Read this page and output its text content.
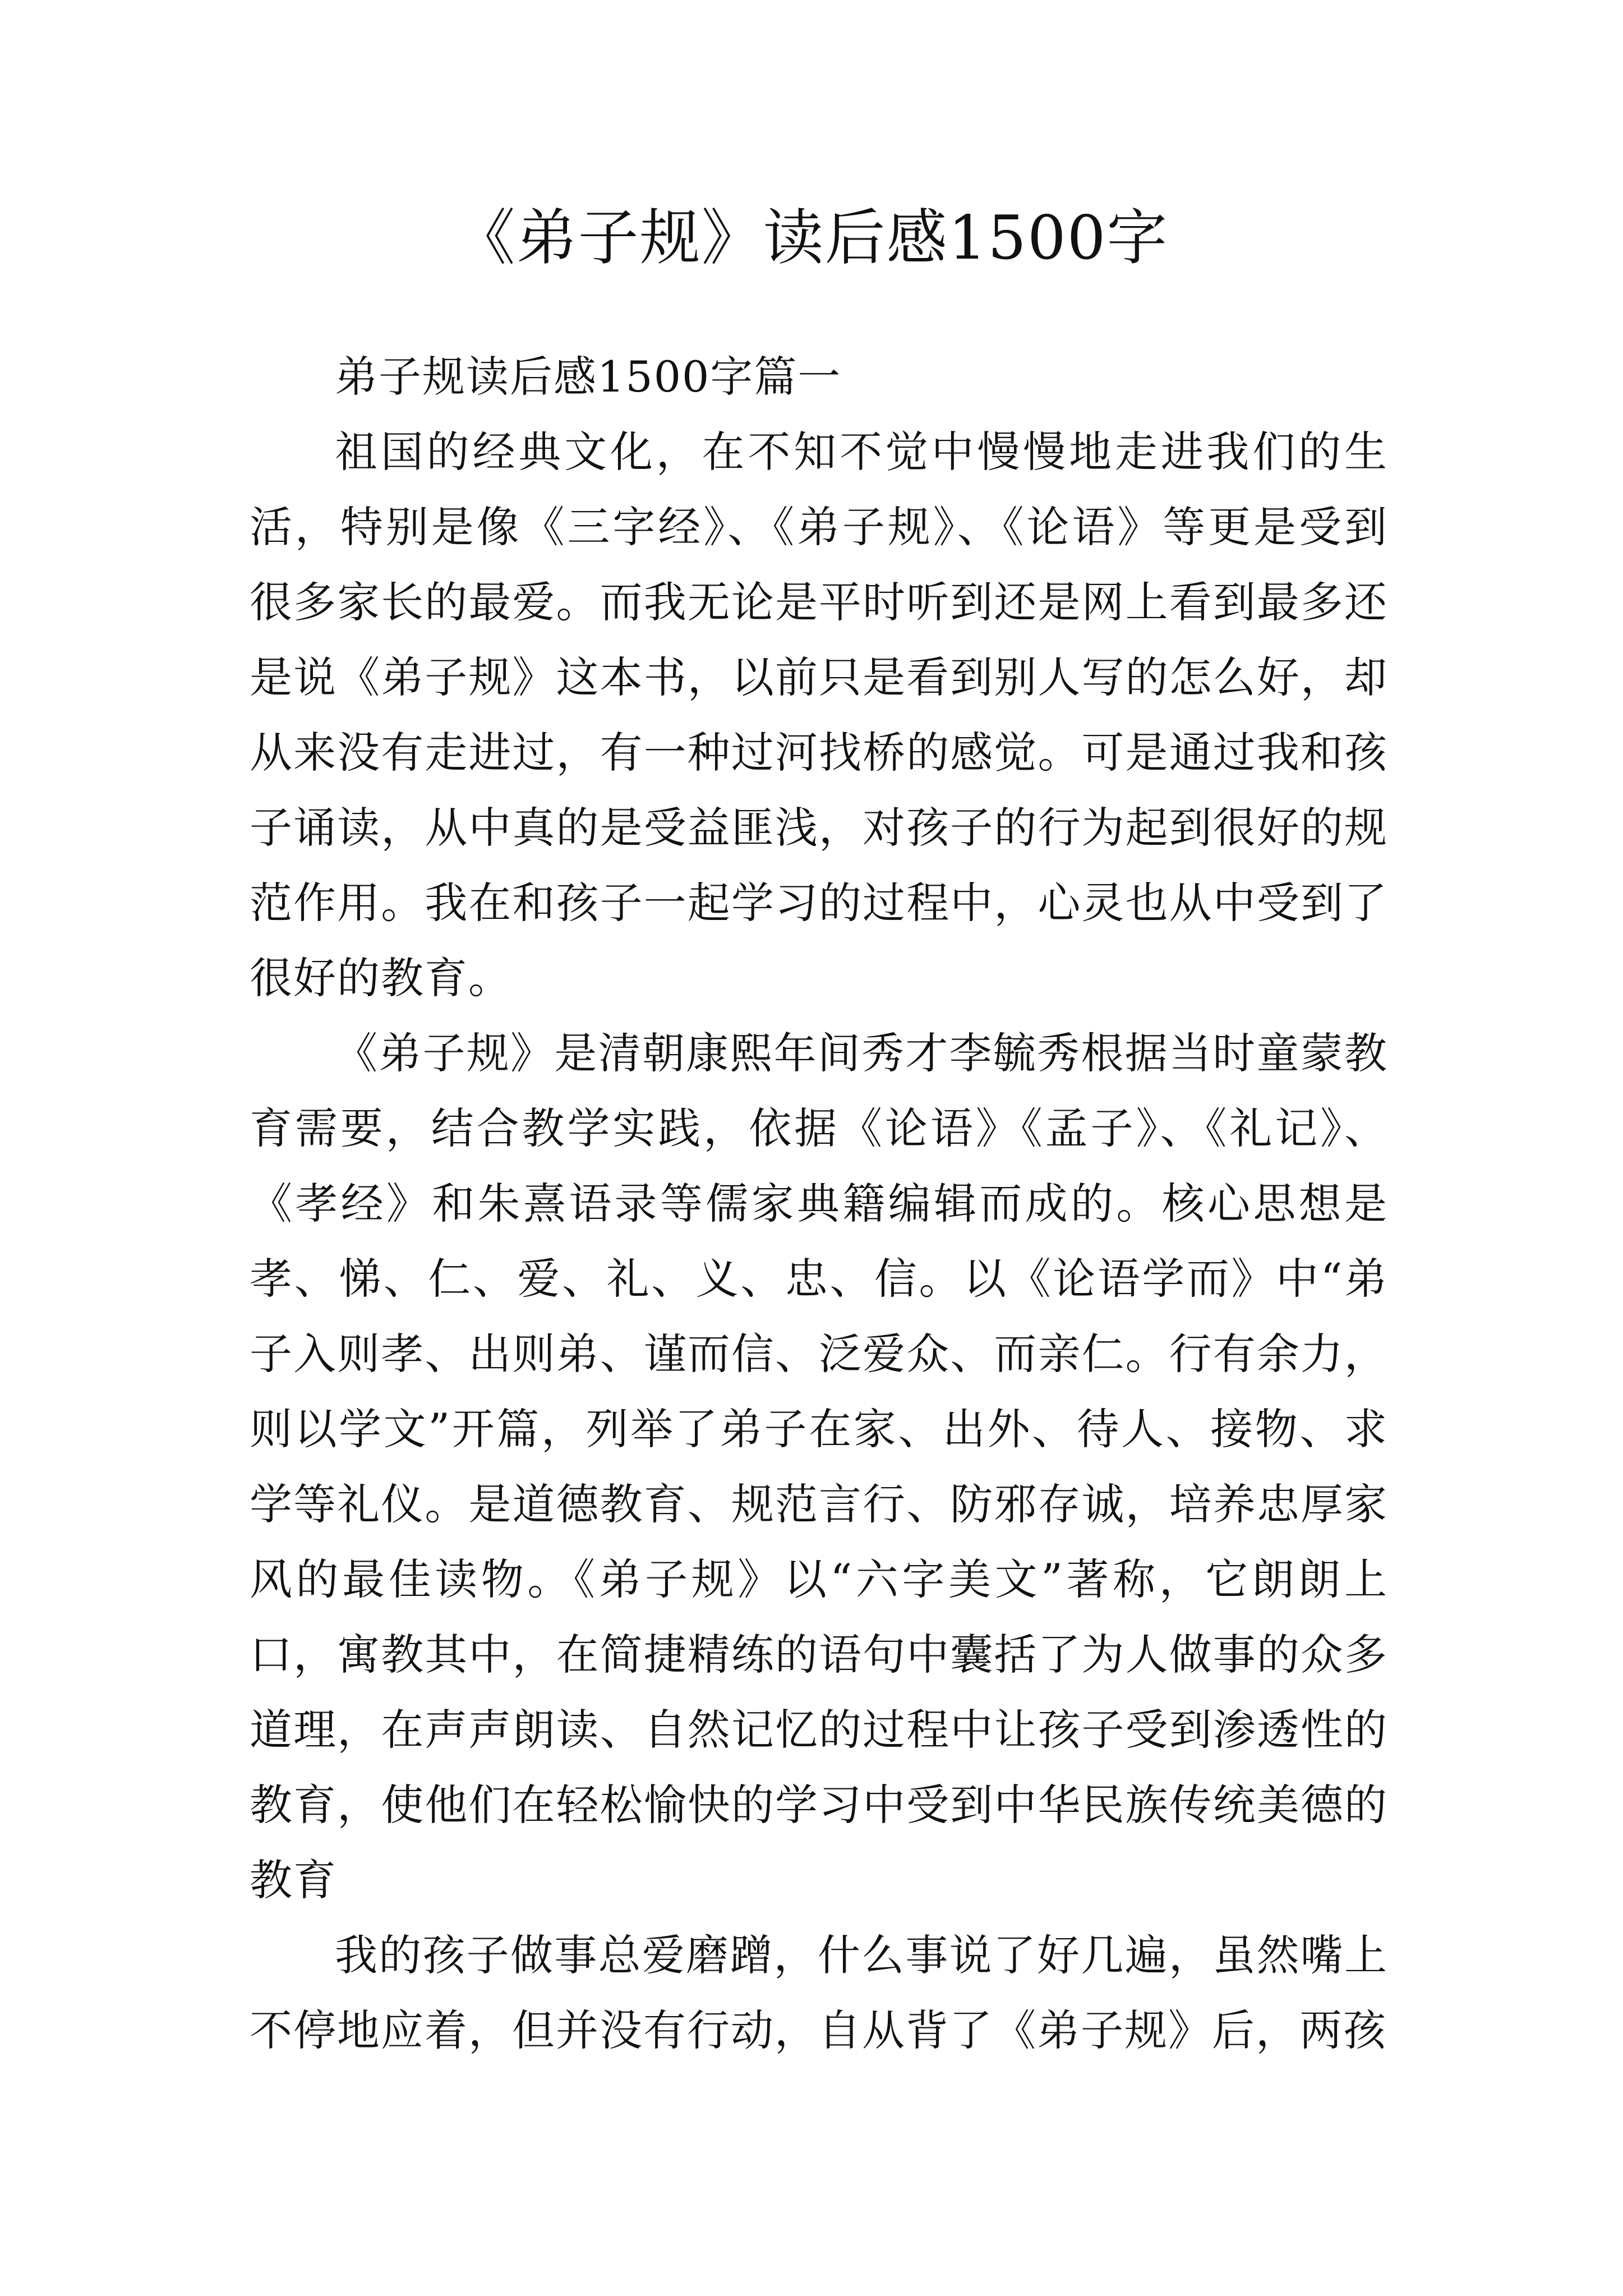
《弟子规》读后感1500字

弟子规读后感1500字篇一

祖国的经典文化，在不知不觉中慢慢地走进我们的生活，特别是像《三字经》、《弟子规》、《论语》等更是受到很多家长的最爱。而我无论是平时听到还是网上看到最多还是说《弟子规》这本书，以前只是看到别人写的怎么好，却从来没有走进过，有一种过河找桥的感觉。可是通过我和孩子诵读，从中真的是受益匪浅，对孩子的行为起到很好的规范作用。我在和孩子一起学习的过程中，心灵也从中受到了很好的教育。

《弟子规》是清朝康熙年间秀才李毓秀根据当时童蒙教育需要，结合教学实践，依据《论语》《孟子》、《礼记》、《孝经》和朱熹语录等儒家典籍编辑而成的。核心思想是孝、悌、仁、爱、礼、义、忠、信。以《论语学而》中“弟子入则孝、出则弟、谨而信、泛爱众、而亲仁。行有余力，则以学文”开篇，列举了弟子在家、出外、待人、接物、求学等礼仪。是道德教育、规范言行、防邪存诚，培养忠厚家风的最佳读物。《弟子规》以“六字美文”著称，它朗朗上口，寓教其中，在简捷精练的语句中囊括了为人做事的众多道理，在声声朗读、自然记忆的过程中让孩子受到渗透性的教育，使他们在轻松愉快的学习中受到中华民族传统美德的教育

我的孩子做事总爱磨蹭，什么事说了好几遍，虽然嘴上不停地应着，但并没有行动，自从背了《弟子规》后，两孩
